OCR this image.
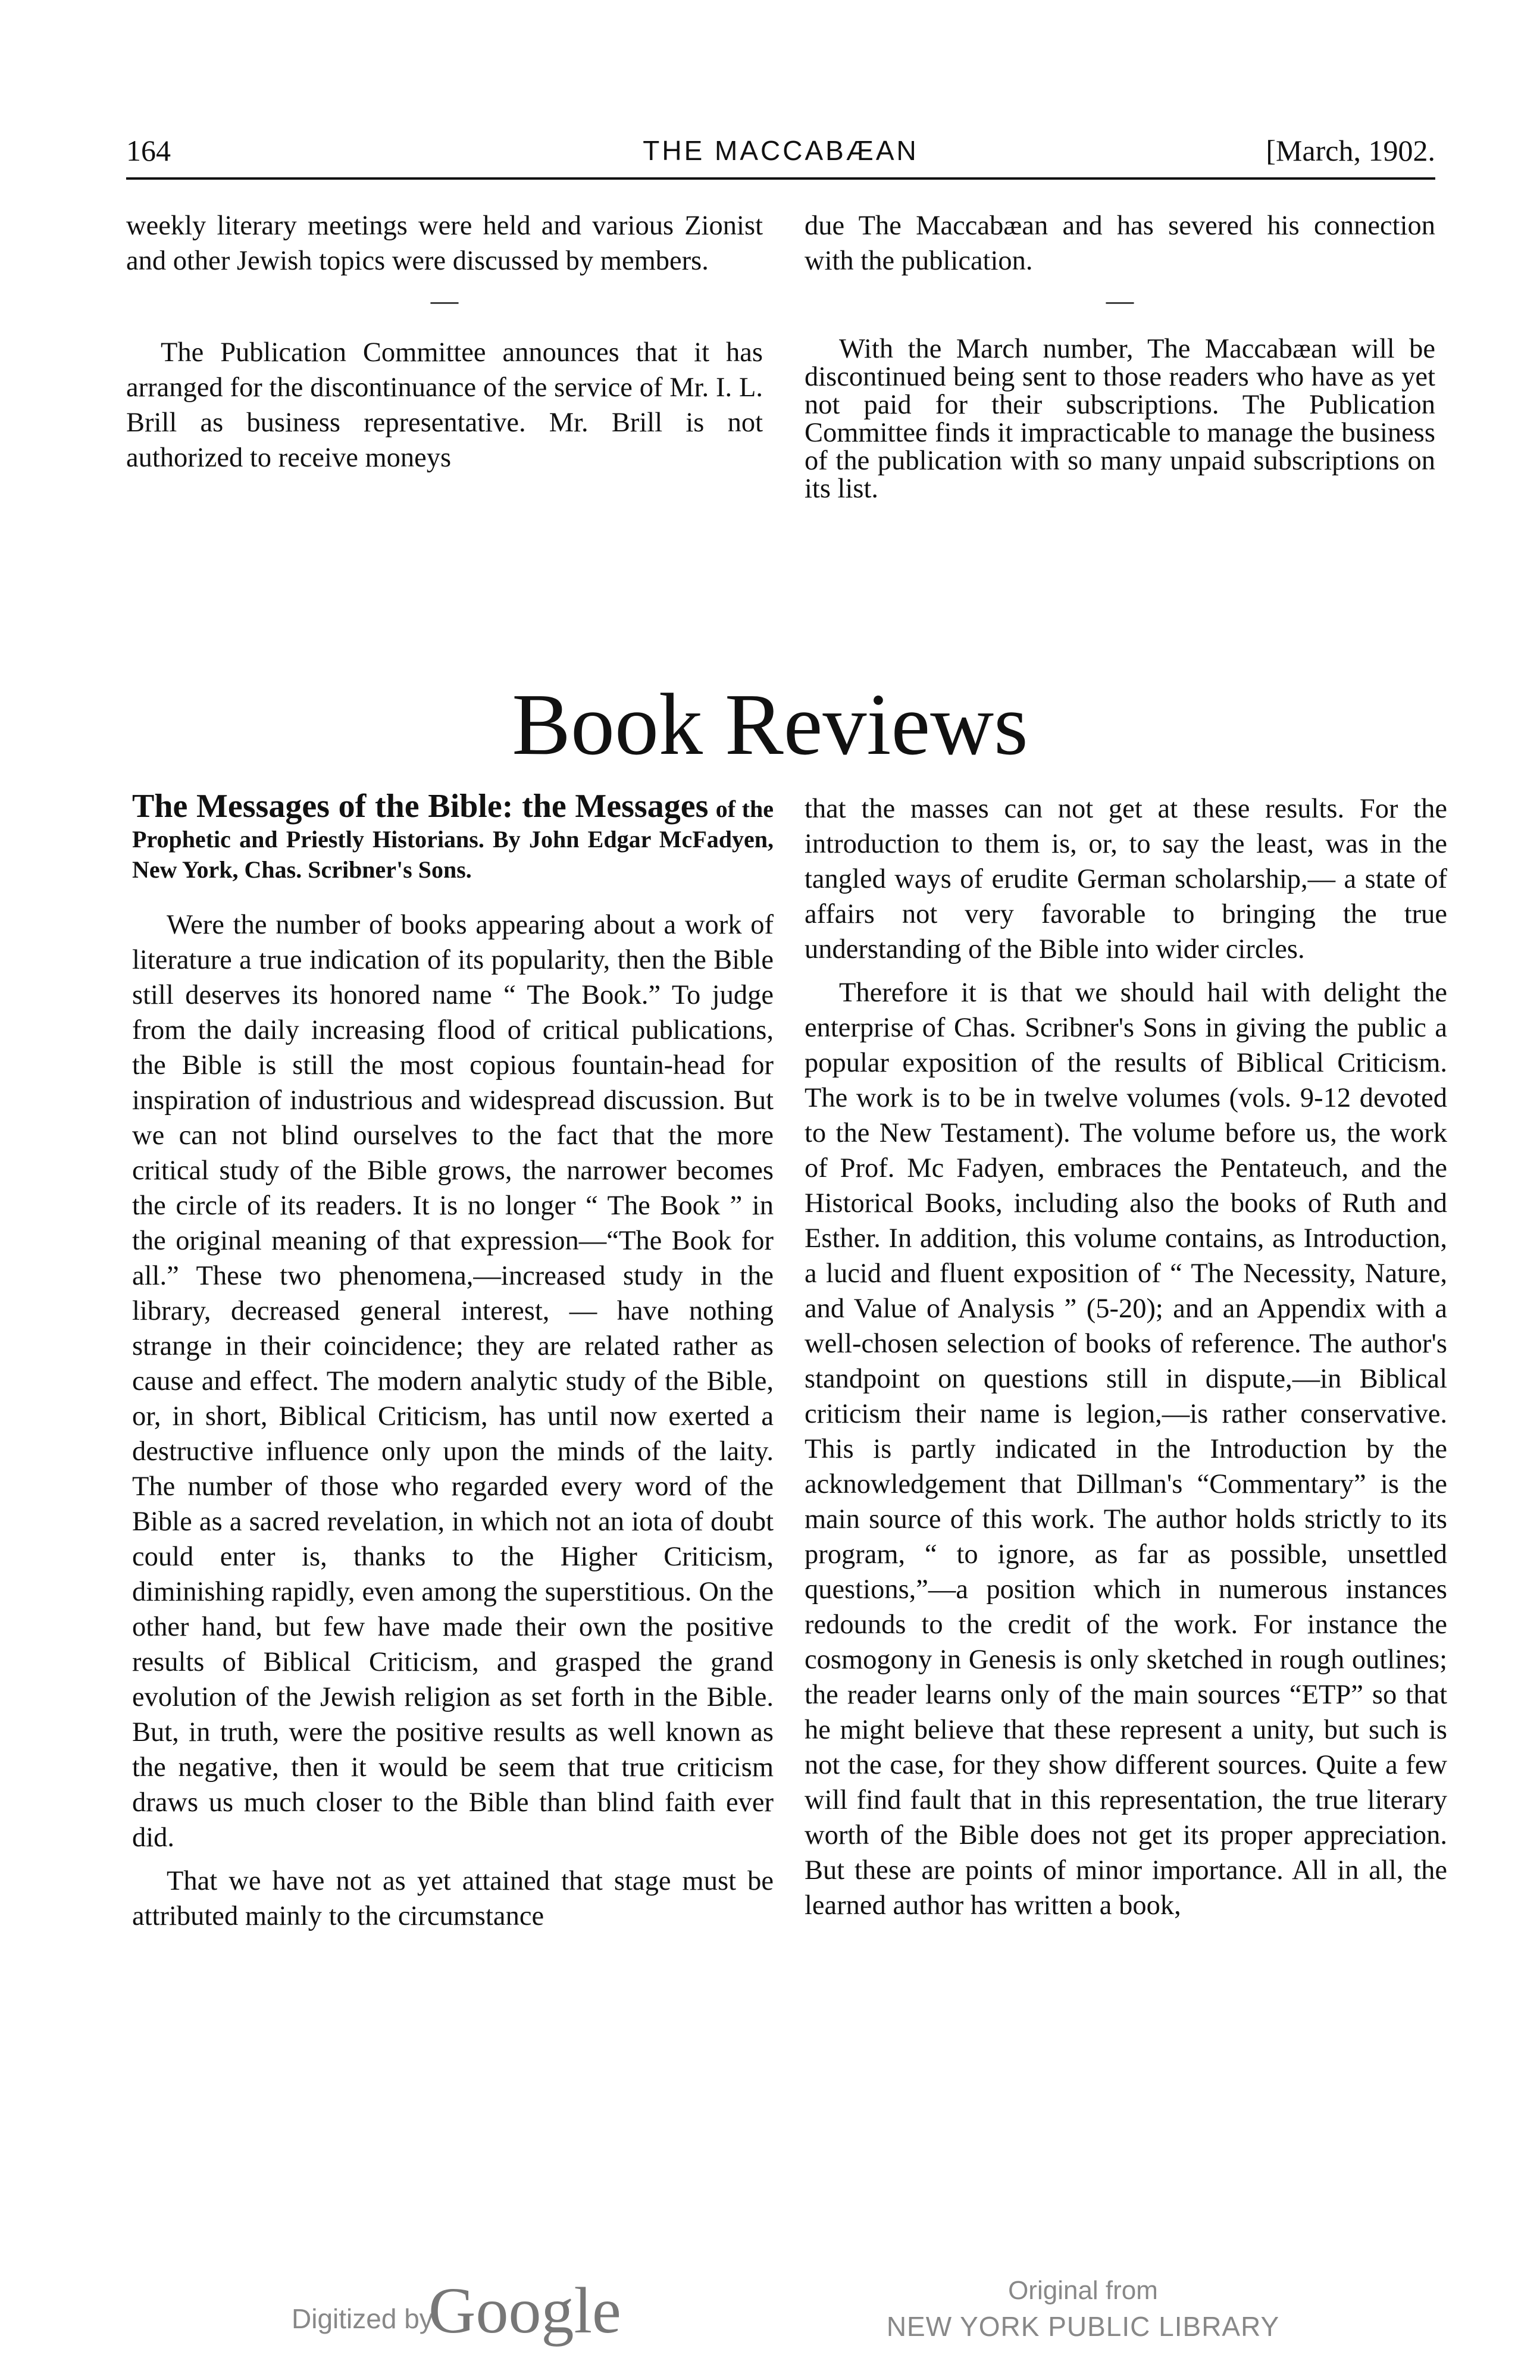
164	THE MACCABÆAN	[March, 1902.

weekly literary meetings were held and various Zionist and other Jewish topics were discussed by members.

—

The Publication Committee announces that it has arranged for the discontinuance of the service of Mr. I. L. Brill as business representative. Mr. Brill is not authorized to receive moneys

due The Maccabæan and has severed his connection with the publication.

—

With the March number, The Maccabæan will be discontinued being sent to those readers who have as yet not paid for their subscriptions. The Publication Committee finds it impracticable to manage the business of the publication with so many unpaid subscriptions on its list.

Book Reviews
The Messages of the Bible: the Messages of the Prophetic and Priestly Historians. By John Edgar McFadyen, New York, Chas. Scribner's Sons.

Were the number of books appearing about a work of literature a true indication of its popularity, then the Bible still deserves its honored name “ The Book.” To judge from the daily increasing flood of critical publications, the Bible is still the most copious fountain-head for inspiration of industrious and widespread discussion. But we can not blind ourselves to the fact that the more critical study of the Bible grows, the narrower becomes the circle of its readers. It is no longer “ The Book ” in the original meaning of that expression—“The Book for all.” These two phenomena,—increased study in the library, decreased general interest, — have nothing strange in their coincidence; they are related rather as cause and effect. The modern analytic study of the Bible, or, in short, Biblical Criticism, has until now exerted a destructive influence only upon the minds of the laity. The number of those who regarded every word of the Bible as a sacred revelation, in which not an iota of doubt could enter is, thanks to the Higher Criticism, diminishing rapidly, even among the superstitious. On the other hand, but few have made their own the positive results of Biblical Criticism, and grasped the grand evolution of the Jewish religion as set forth in the Bible. But, in truth, were the positive results as well known as the negative, then it would be seem that true criticism draws us much closer to the Bible than blind faith ever did.

That we have not as yet attained that stage must be attributed mainly to the circumstance

that the masses can not get at these results. For the introduction to them is, or, to say the least, was in the tangled ways of erudite German scholarship,— a state of affairs not very favorable to bringing the true understanding of the Bible into wider circles.

Therefore it is that we should hail with delight the enterprise of Chas. Scribner's Sons in giving the public a popular exposition of the results of Biblical Criticism. The work is to be in twelve volumes (vols. 9-12 devoted to the New Testament). The volume before us, the work of Prof. Mc Fadyen, embraces the Pentateuch, and the Historical Books, including also the books of Ruth and Esther. In addition, this volume contains, as Introduction, a lucid and fluent exposition of “ The Necessity, Nature, and Value of Analysis ” (5-20); and an Appendix with a well-chosen selection of books of reference. The author's standpoint on questions still in dispute,—in Biblical criticism their name is legion,—is rather conservative. This is partly indicated in the Introduction by the acknowledgement that Dillman's “Commentary” is the main source of this work. The author holds strictly to its program, “ to ignore, as far as possible, unsettled questions,”—a position which in numerous instances redounds to the credit of the work. For instance the cosmogony in Genesis is only sketched in rough outlines; the reader learns only of the main sources “ETP” so that he might believe that these represent a unity, but such is not the case, for they show different sources. Quite a few will find fault that in this representation, the true literary worth of the Bible does not get its proper appreciation. But these are points of minor importance. All in all, the learned author has written a book,

Digitized by
Google	Original from
NEW YORK PUBLIC LIBRARY
